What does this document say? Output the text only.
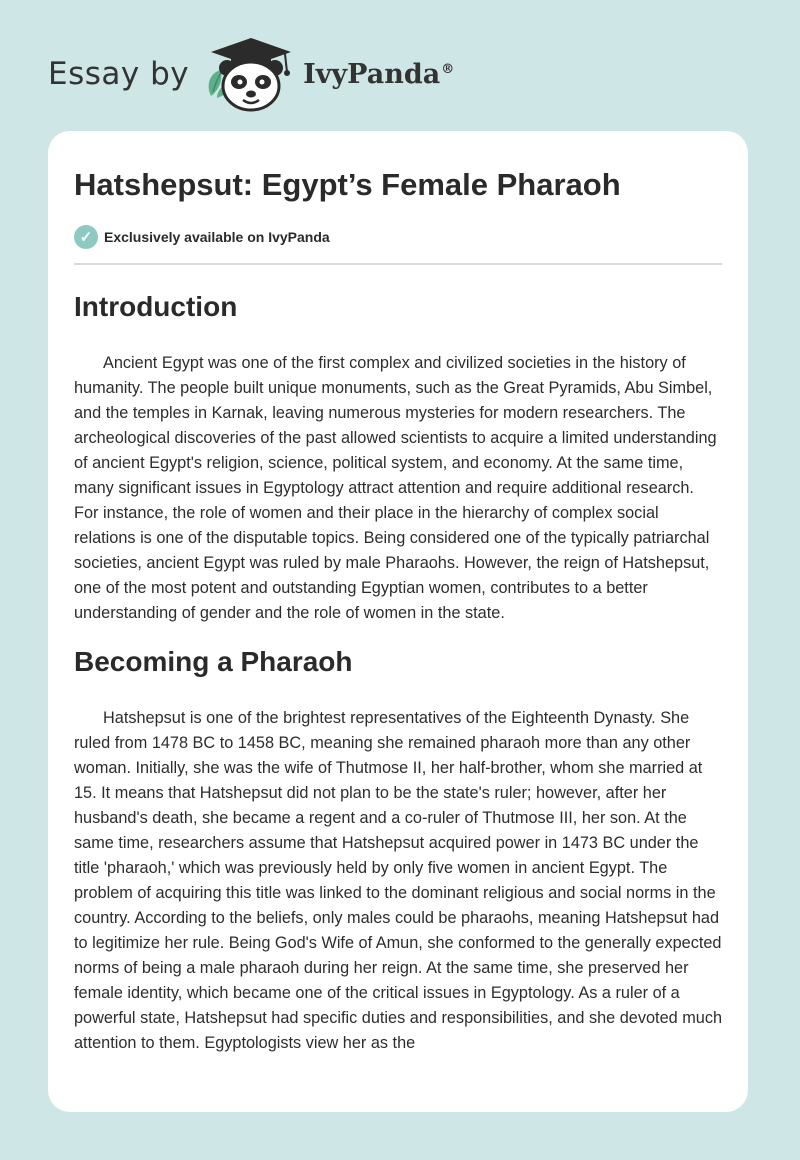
Essay by	IvyPanda®
Hatshepsut: Egypt’s Female Pharaoh
✓ Exclusively available on IvyPanda
Introduction

Ancient Egypt was one of the first complex and civilized societies in the history of humanity. The people built unique monuments, such as the Great Pyramids, Abu Simbel, and the temples in Karnak, leaving numerous mysteries for modern researchers. The archeological discoveries of the past allowed scientists to acquire a limited understanding of ancient Egypt's religion, science, political system, and economy. At the same time, many significant issues in Egyptology attract attention and require additional research. For instance, the role of women and their place in the hierarchy of complex social relations is one of the disputable topics. Being considered one of the typically patriarchal societies, ancient Egypt was ruled by male Pharaohs. However, the reign of Hatshepsut, one of the most potent and outstanding Egyptian women, contributes to a better understanding of gender and the role of women in the state.

Becoming a Pharaoh

Hatshepsut is one of the brightest representatives of the Eighteenth Dynasty. She ruled from 1478 BC to 1458 BC, meaning she remained pharaoh more than any other woman. Initially, she was the wife of Thutmose II, her half-brother, whom she married at 15. It means that Hatshepsut did not plan to be the state's ruler; however, after her husband's death, she became a regent and a co-ruler of Thutmose III, her son. At the same time, researchers assume that Hatshepsut acquired power in 1473 BC under the title 'pharaoh,' which was previously held by only five women in ancient Egypt. The problem of acquiring this title was linked to the dominant religious and social norms in the country. According to the beliefs, only males could be pharaohs, meaning Hatshepsut had to legitimize her rule. Being God's Wife of Amun, she conformed to the generally expected norms of being a male pharaoh during her reign. At the same time, she preserved her female identity, which became one of the critical issues in Egyptology. As a ruler of a powerful state, Hatshepsut had specific duties and responsibilities, and she devoted much attention to them. Egyptologists view her as the
